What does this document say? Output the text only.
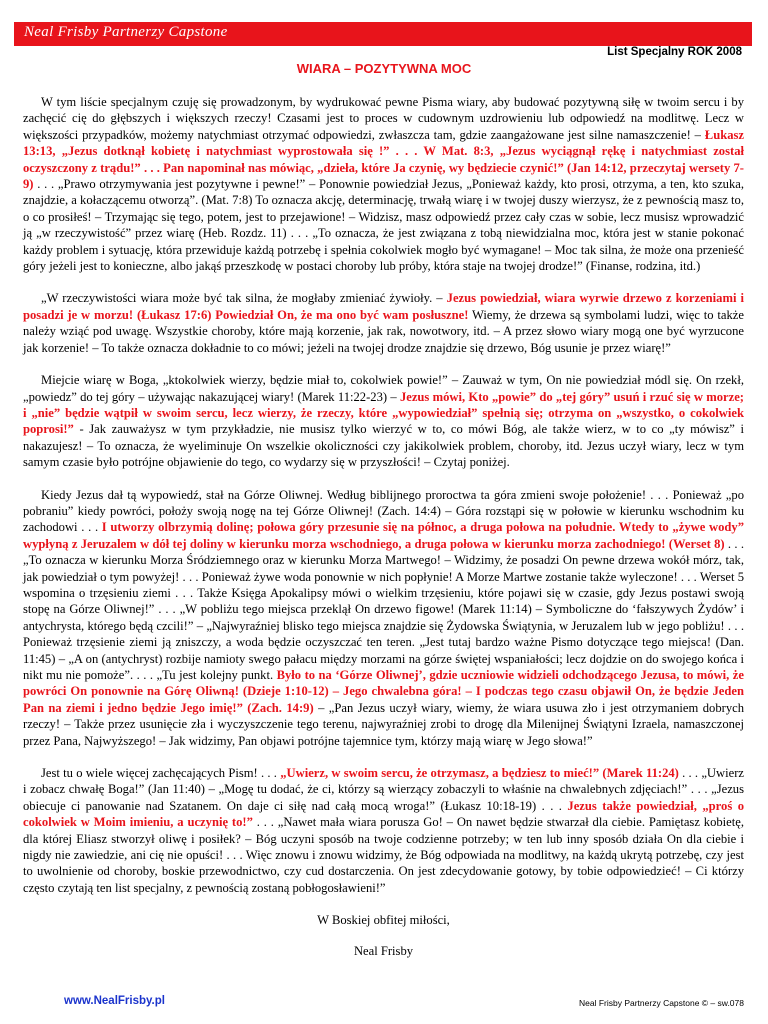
Neal Frisby Partnerzy Capstone
List Specjalny ROK 2008
WIARA – POZYTYWNA MOC

W tym liście specjalnym czuję się prowadzonym, by wydrukować pewne Pisma wiary, aby budować pozytywną siłę w twoim sercu i by zachęcić cię do głębszych i większych rzeczy! Czasami jest to proces w cudownym uzdrowieniu lub odpowiedź na modlitwę. Lecz w większości przypadków, możemy natychmiast otrzymać odpowiedzi, zwłaszcza tam, gdzie zaangażowane jest silne namaszczenie! – Łukasz 13:13, „Jezus dotknął kobietę i natychmiast wyprostowała się !” . . . W Mat. 8:3, „Jezus wyciągnął rękę i natychmiast został oczyszczony z trądu!” . . . Pan napominał nas mówiąc, „dzieła, które Ja czynię, wy będziecie czynić!” (Jan 14:12, przeczytaj wersety 7-9) . . . „Prawo otrzymywania jest pozytywne i pewne!” – Ponownie powiedział Jezus, „Ponieważ każdy, kto prosi, otrzyma, a ten, kto szuka, znajdzie, a kołaczącemu otworzą”. (Mat. 7:8) To oznacza akcję, determinację, trwałą wiarę i w twojej duszy wierzysz, że z pewnością masz to, o co prosiłeś! – Trzymając się tego, potem, jest to przejawione! – Widzisz, masz odpowiedź przez cały czas w sobie, lecz musisz wprowadzić ją „w rzeczywistość” przez wiarę (Heb. Rozdz. 11) . . . „To oznacza, że jest związana z tobą niewidzialna moc, która jest w stanie pokonać każdy problem i sytuację, która przewiduje każdą potrzebę i spełnia cokolwiek mogło być wymagane! – Moc tak silna, że może ona przenieść góry jeżeli jest to konieczne, albo jakąś przeszkodę w postaci choroby lub próby, która staje na twojej drodze!” (Finanse, rodzina, itd.)

„W rzeczywistości wiara może być tak silna, że mogłaby zmieniać żywioły. – Jezus powiedział, wiara wyrwie drzewo z korzeniami i posadzi je w morzu! (Łukasz 17:6) Powiedział On, że ma ono być wam posłuszne! Wiemy, że drzewa są symbolami ludzi, więc to także należy wziąć pod uwagę. Wszystkie choroby, które mają korzenie, jak rak, nowotwory, itd. – A przez słowo wiary mogą one być wyrzucone jak korzenie! – To także oznacza dokładnie to co mówi; jeżeli na twojej drodze znajdzie się drzewo, Bóg usunie je przez wiarę!”

Miejcie wiarę w Boga, „ktokolwiek wierzy, będzie miał to, cokolwiek powie!” – Zauważ w tym, On nie powiedział módl się. On rzekł, „powiedz” do tej góry – używając nakazującej wiary! (Marek 11:22-23) – Jezus mówi, Kto „powie” do „tej góry” usuń i rzuć się w morze; i „nie” będzie wątpił w swoim sercu, lecz wierzy, że rzeczy, które „wypowiedział” spełnią się; otrzyma on „wszystko, o cokolwiek poprosi!” - Jak zauważysz w tym przykładzie, nie musisz tylko wierzyć w to, co mówi Bóg, ale także wierz, w to co „ty mówisz” i nakazujesz! – To oznacza, że wyeliminuje On wszelkie okoliczności czy jakikolwiek problem, choroby, itd. Jezus uczył wiary, lecz w tym samym czasie było potrójne objawienie do tego, co wydarzy się w przyszłości! – Czytaj poniżej.

Kiedy Jezus dał tą wypowiedź, stał na Górze Oliwnej. Według biblijnego proroctwa ta góra zmieni swoje położenie! . . . Ponieważ „po pobraniu” kiedy powróci, położy swoją nogę na tej Górze Oliwnej! (Zach. 14:4) – Góra rozstąpi się w połowie w kierunku wschodnim ku zachodowi . . . I utworzy olbrzymią dolinę; połowa góry przesunie się na północ, a druga połowa na południe. Wtedy to „żywe wody” wypłyną z Jeruzalem w dół tej doliny w kierunku morza wschodniego, a druga połowa w kierunku morza zachodniego! (Werset 8) . . . „To oznacza w kierunku Morza Śródziemnego oraz w kierunku Morza Martwego! – Widzimy, że posadzi On pewne drzewa wokół mórz, tak, jak powiedział o tym powyżej! . . . Ponieważ żywe woda ponownie w nich popłynie! A Morze Martwe zostanie także wyleczone! . . . Werset 5 wspomina o trzęsieniu ziemi . . . Także Księga Apokalipsy mówi o wielkim trzęsieniu, które pojawi się w czasie, gdy Jezus postawi swoją stopę na Górze Oliwnej!” . . . „W pobliżu tego miejsca przeklął On drzewo figowe! (Marek 11:14) – Symboliczne do ‘fałszywych Żydów’ i antychrysta, którego będą czcili!” – „Najwyraźniej blisko tego miejsca znajdzie się Żydowska Świątynia, w Jeruzalem lub w jego pobliżu! . . . Ponieważ trzęsienie ziemi ją zniszczy, a woda będzie oczyszczać ten teren. „Jest tutaj bardzo ważne Pismo dotyczące tego miejsca! (Dan. 11:45) – „A on (antychryst) rozbije namioty swego pałacu między morzami na górze świętej wspaniałości; lecz dojdzie on do swojego końca i nikt mu nie pomoże”. . . . „Tu jest kolejny punkt. Było to na ‘Górze Oliwnej’, gdzie uczniowie widzieli odchodzącego Jezusa, to mówi, że powróci On ponownie na Górę Oliwną! (Dzieje 1:10-12) – Jego chwalebna góra! – I podczas tego czasu objawił On, że będzie Jeden Pan na ziemi i jedno będzie Jego imię!” (Zach. 14:9) – „Pan Jezus uczył wiary, wiemy, że wiara usuwa zło i jest otrzymaniem dobrych rzeczy! – Także przez usunięcie zła i wyczyszczenie tego terenu, najwyraźniej zrobi to drogę dla Milenijnej Świątyni Izraela, namaszczonej przez Pana, Najwyższego! – Jak widzimy, Pan objawi potrójne tajemnice tym, którzy mają wiarę w Jego słowa!”

Jest tu o wiele więcej zachęcających Pism! . . . „Uwierz, w swoim sercu, że otrzymasz, a będziesz to mieć!” (Marek 11:24) . . . „Uwierz i zobacz chwałę Boga!” (Jan 11:40) – „Mogę tu dodać, że ci, którzy są wierzący zobaczyli to właśnie na chwalebnych zdjęciach!” . . . „Jezus obiecuje ci panowanie nad Szatanem. On daje ci siłę nad całą mocą wroga!” (Łukasz 10:18-19) . . . Jezus także powiedział, „proś o cokolwiek w Moim imieniu, a uczynię to!” . . . „Nawet mała wiara porusza Go! – On nawet będzie stwarzał dla ciebie. Pamiętasz kobietę, dla której Eliasz stworzył oliwę i posiłek? – Bóg uczyni sposób na twoje codzienne potrzeby; w ten lub inny sposób działa On dla ciebie i nigdy nie zawiedzie, ani cię nie opuści! . . . Więc znowu i znowu widzimy, że Bóg odpowiada na modlitwy, na każdą ukrytą potrzebę, czy jest to uwolnienie od choroby, boskie przewodnictwo, czy cud dostarczenia. On jest zdecydowanie gotowy, by tobie odpowiedzieć! – Ci którzy często czytają ten list specjalny, z pewnością zostaną pobłogosławieni!”

W Boskiej obfitej miłości,

Neal Frisby

www.NealFrisby.pl	Neal Frisby Partnerzy Capstone © – sw.078
